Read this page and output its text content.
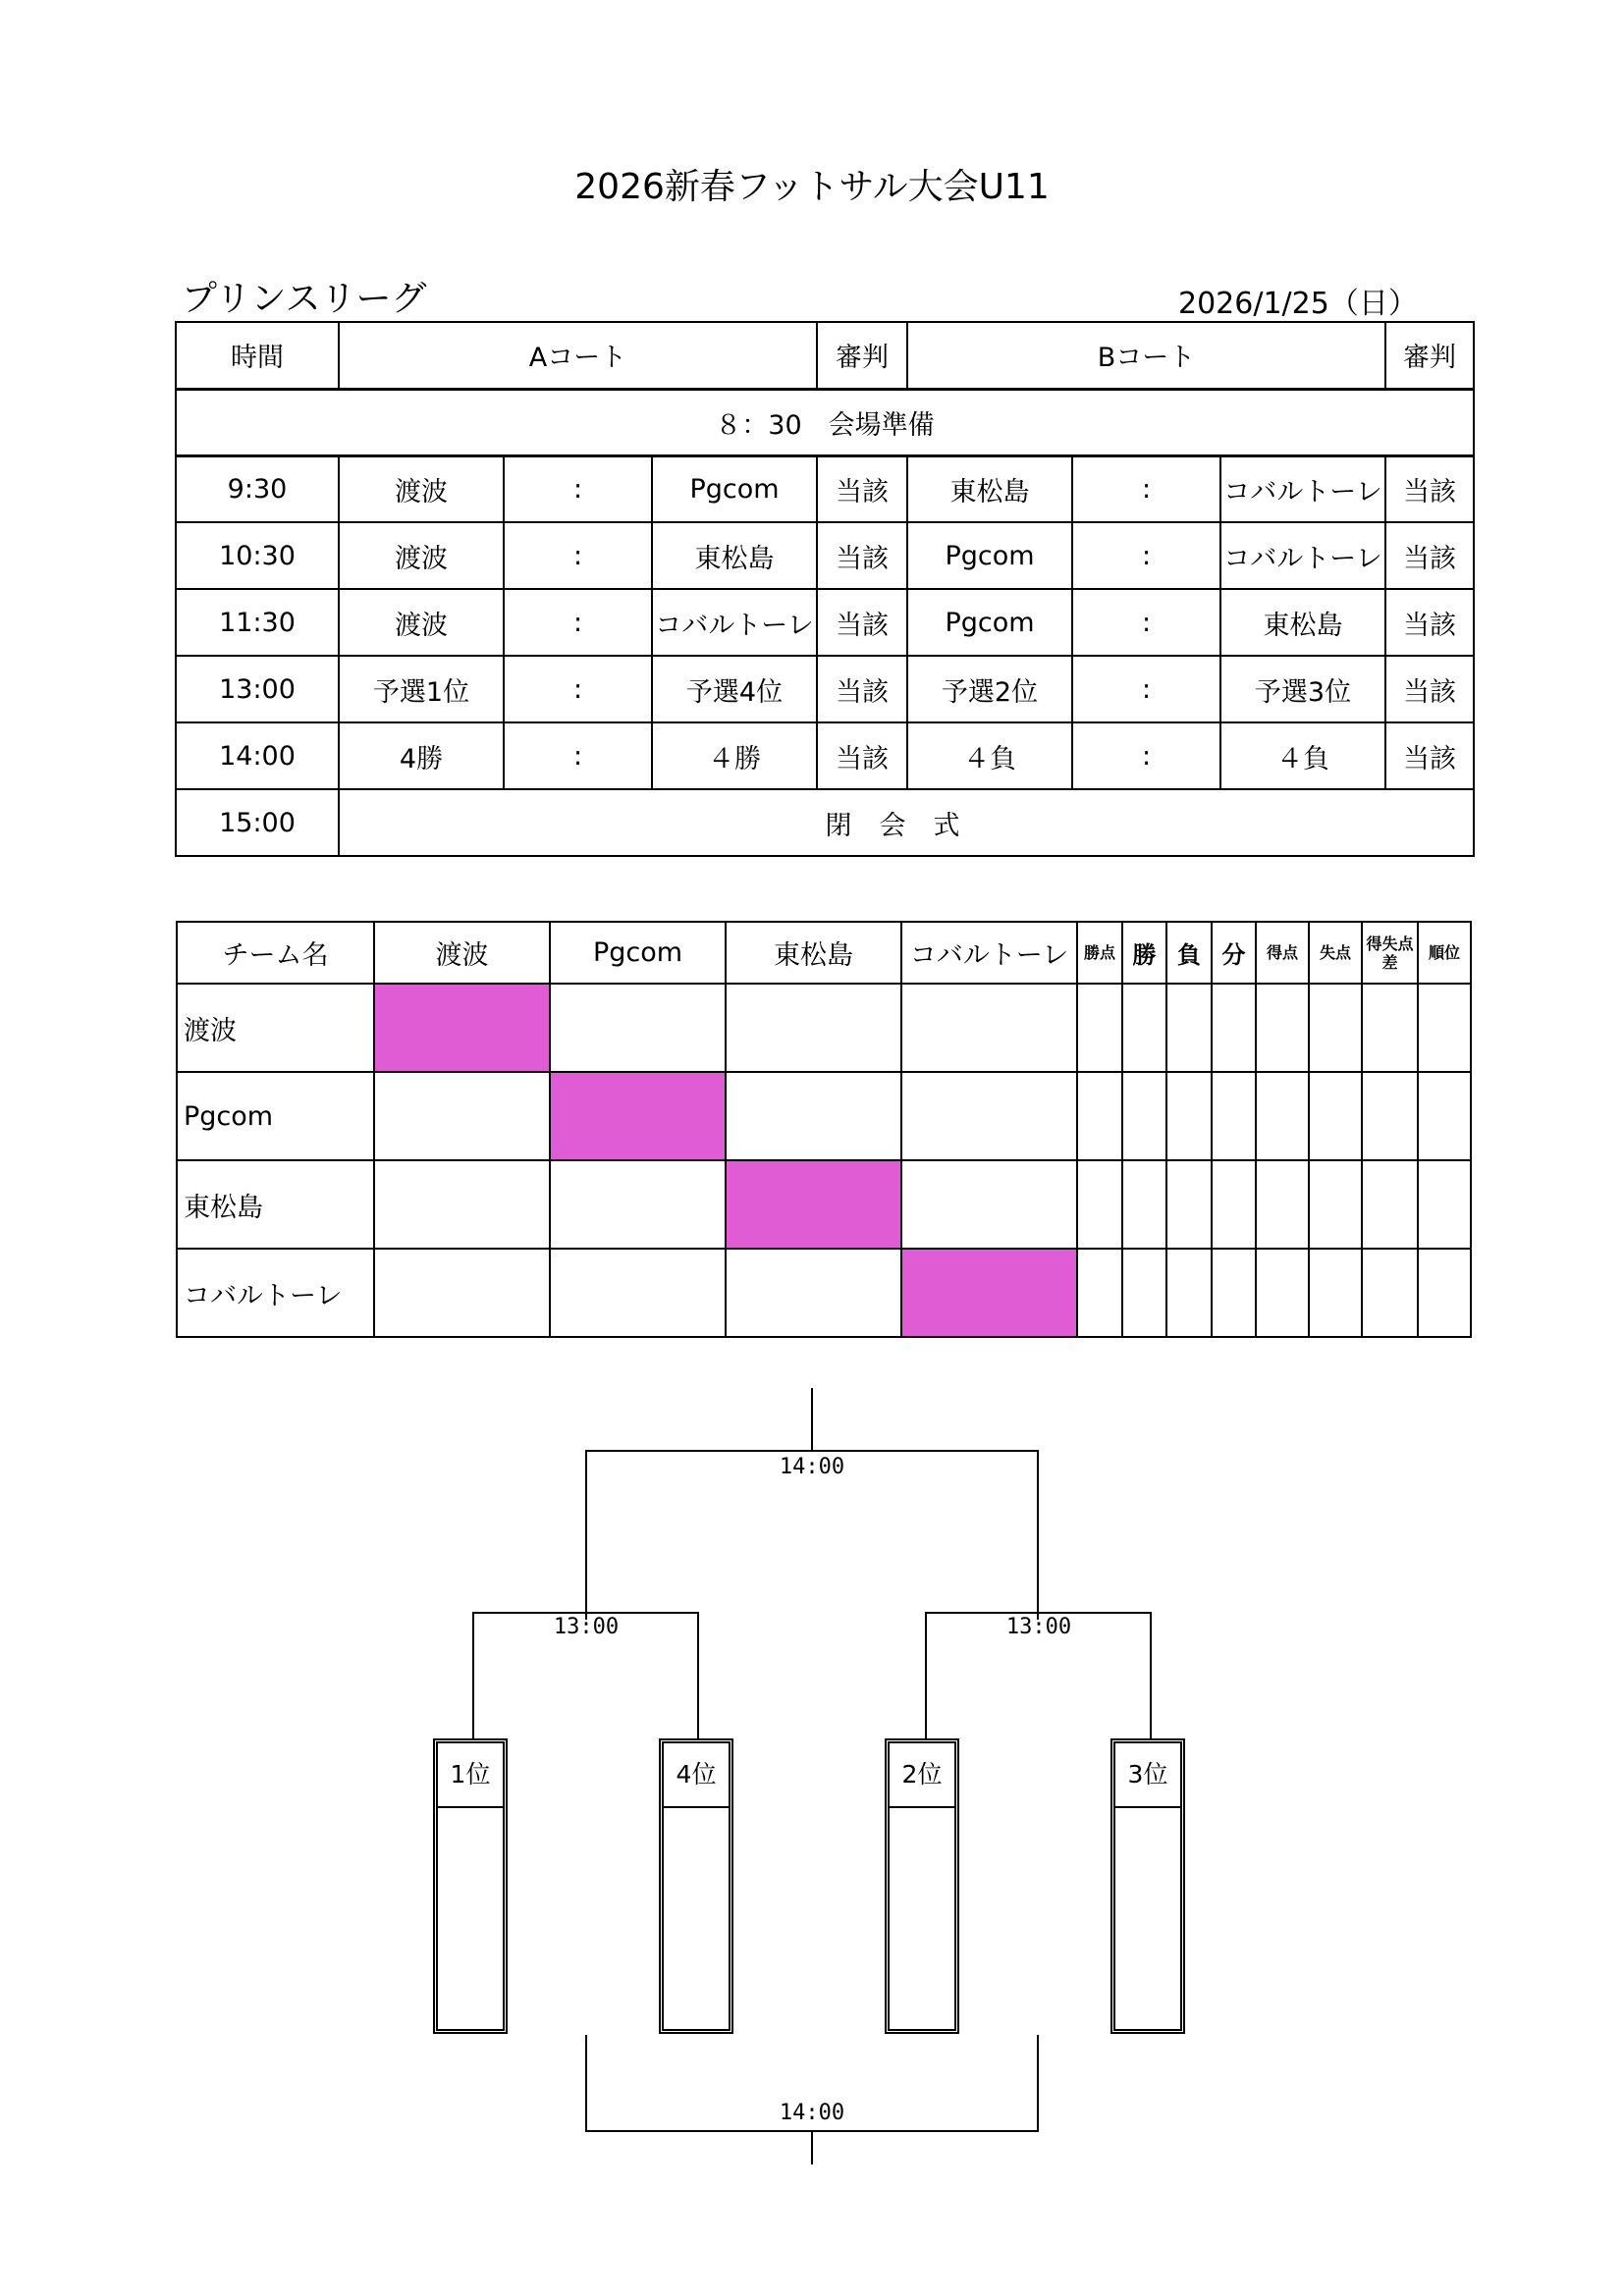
2026新春フットサル大会U11
プリンスリーグ	2026/1/25（日）
時間	Aコート			審判	Bコート			審判
８：30　会場準備								
9:30	渡波	:	Pgcom	当該	東松島	:	コバルトーレ	当該
10:30	渡波	:	東松島	当該	Pgcom	:	コバルトーレ	当該
11:30	渡波	:	コバルトーレ	当該	Pgcom	:	東松島	当該
13:00	予選1位	:	予選4位	当該	予選2位	:	予選3位	当該
14:00	4勝	:	４勝	当該	４負	:	４負	当該
15:00	閉会式							
チーム名	渡波	Pgcom	東松島	コバルトーレ	勝点	勝	負	分	得点	失点	得失点差	順位
渡波												
Pgcom												
東松島												
コバルトーレ												
14:00
13:00	13:00
14:00
1位	4位	2位	3位
